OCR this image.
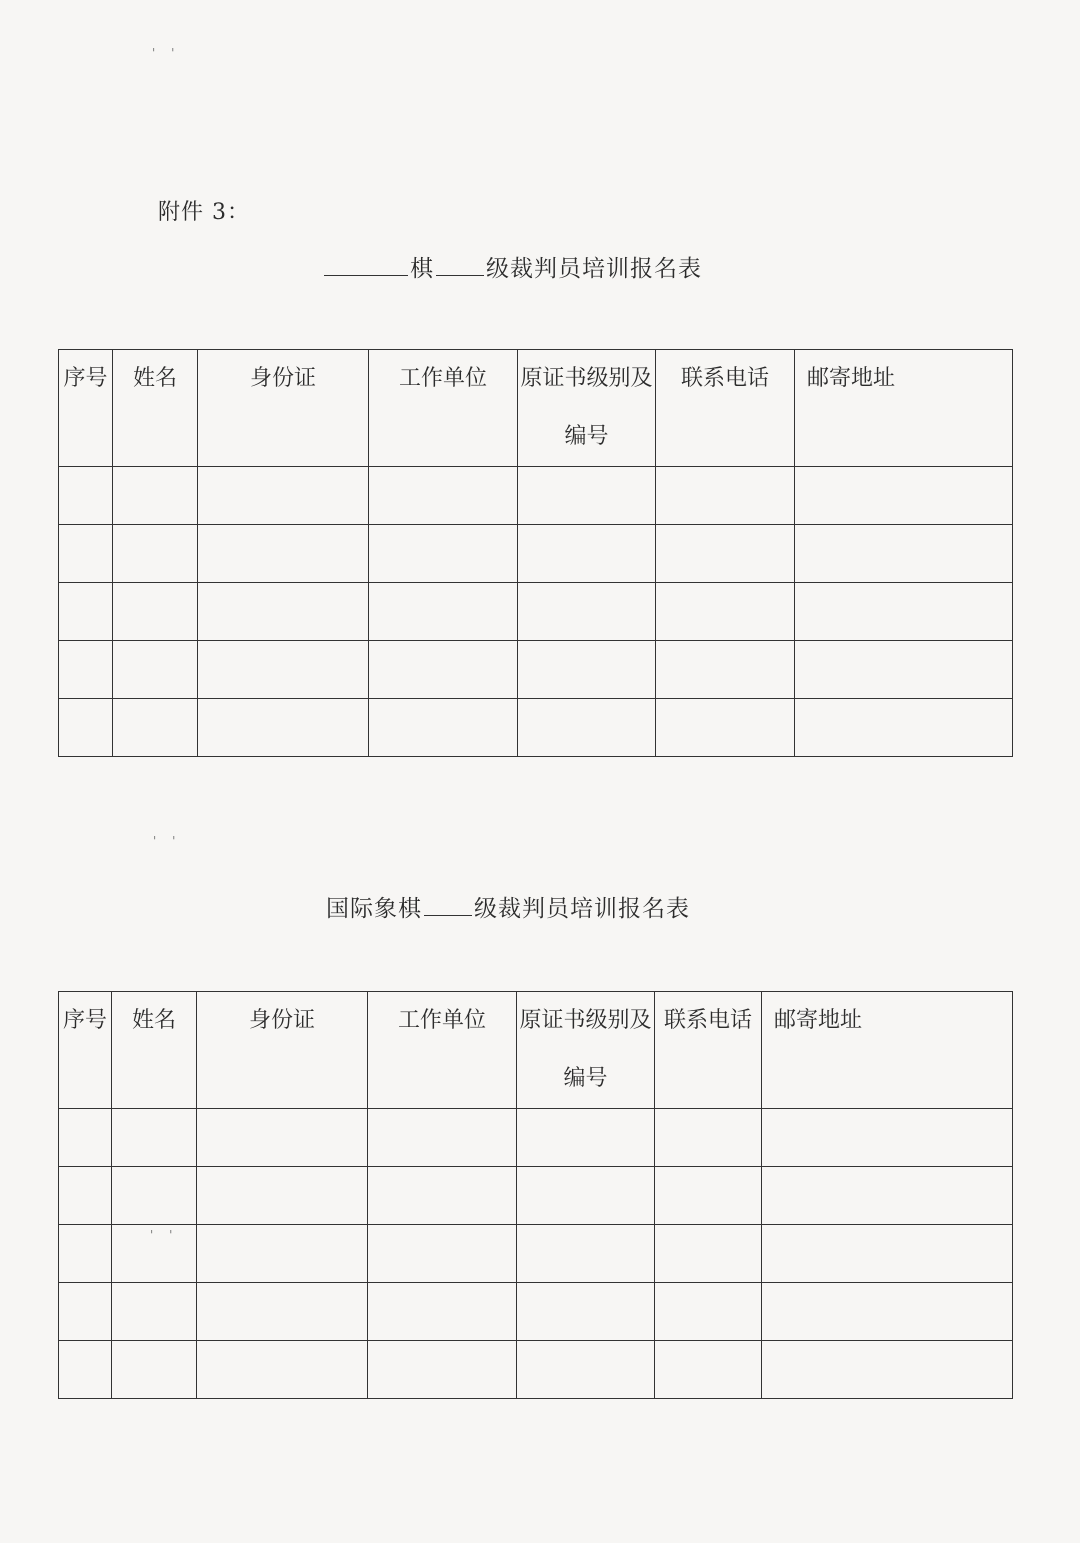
' '
附件 3：
棋 级裁判员培训报名表
序号	姓名	身份证	工作单位	原证书级别及编号	联系电话	邮寄地址

' '
国际象棋 级裁判员培训报名表
序号	姓名	身份证	工作单位	原证书级别及编号	联系电话	邮寄地址

' '
